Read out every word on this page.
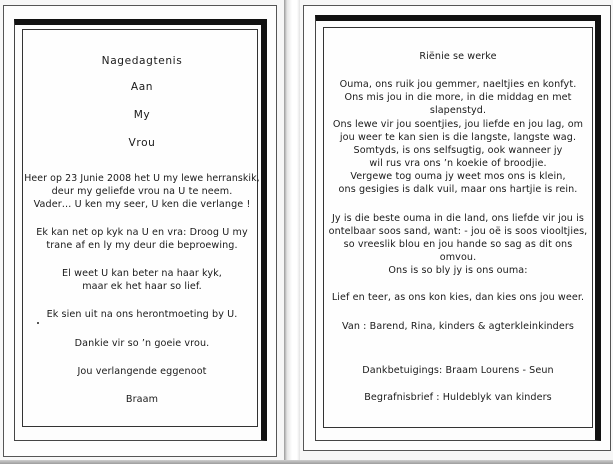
Nagedagtenis
Aan
My
Vrou
Heer op 23 Junie 2008 het U my lewe herranskik,
deur my geliefde vrou na U te neem.
Vader… U ken my seer, U ken die verlange !
Ek kan net op kyk na U en vra: Droog U my
trane af en ly my deur die beproewing.
El weet U kan beter na haar kyk,
maar ek het haar so lief.
Ek sien uit na ons herontmoeting by U.
Dankie vir so ’n goeie vrou.
Jou verlangende eggenoot
Braam
Riënie se werke
Ouma, ons ruik jou gemmer, naeltjies en konfyt.
Ons mis jou in die more, in die middag en met
slapenstyd.
Ons lewe vir jou soentjies, jou liefde en jou lag, om
jou weer te kan sien is die langste, langste wag.
Somtyds, is ons selfsugtig, ook wanneer jy
wil rus vra ons ’n koekie of broodjie.
Vergewe tog ouma jy weet mos ons is klein,
ons gesigies is dalk vuil, maar ons hartjie is rein.
Jy is die beste ouma in die land, ons liefde vir jou is
ontelbaar soos sand, want: - jou oë is soos viooltjies,
so vreeslik blou en jou hande so sag as dit ons
omvou.
Ons is so bly jy is ons ouma:
Lief en teer, as ons kon kies, dan kies ons jou weer.
Van : Barend, Rina, kinders & agterkleinkinders
Dankbetuigings: Braam Lourens - Seun
Begrafnisbrief : Huldeblyk van kinders
